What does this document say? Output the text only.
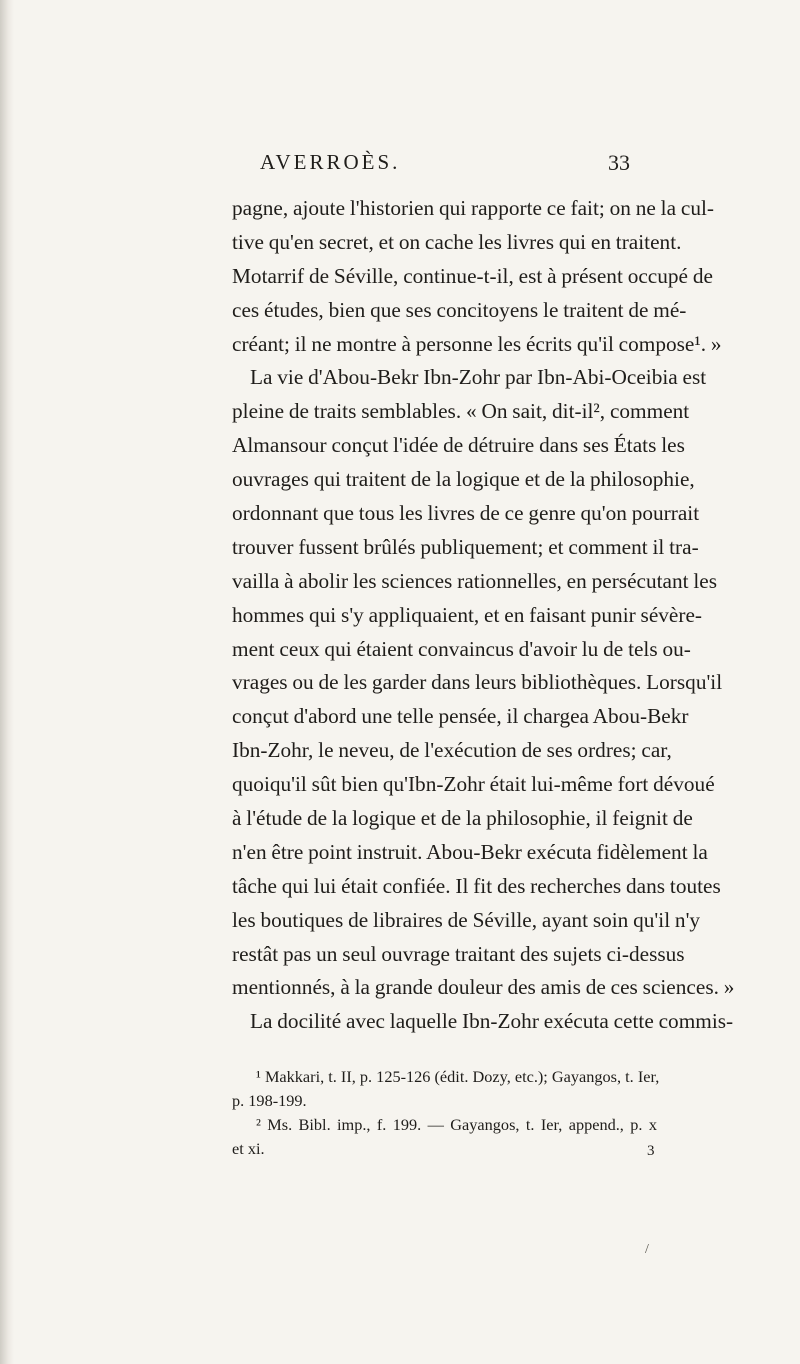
AVERROÈS.	33
pagne, ajoute l'historien qui rapporte ce fait; on ne la cul-
tive qu'en secret, et on cache les livres qui en traitent.
Motarrif de Séville, continue-t-il, est à présent occupé de
ces études, bien que ses concitoyens le traitent de mé-
créant; il ne montre à personne les écrits qu'il compose¹. »
La vie d'Abou-Bekr Ibn-Zohr par Ibn-Abi-Oceibia est
pleine de traits semblables. « On sait, dit-il², comment
Almansour conçut l'idée de détruire dans ses États les
ouvrages qui traitent de la logique et de la philosophie,
ordonnant que tous les livres de ce genre qu'on pourrait
trouver fussent brûlés publiquement; et comment il tra-
vailla à abolir les sciences rationnelles, en persécutant les
hommes qui s'y appliquaient, et en faisant punir sévère-
ment ceux qui étaient convaincus d'avoir lu de tels ou-
vrages ou de les garder dans leurs bibliothèques. Lorsqu'il
conçut d'abord une telle pensée, il chargea Abou-Bekr
Ibn-Zohr, le neveu, de l'exécution de ses ordres; car,
quoiqu'il sût bien qu'Ibn-Zohr était lui-même fort dévoué
à l'étude de la logique et de la philosophie, il feignit de
n'en être point instruit. Abou-Bekr exécuta fidèlement la
tâche qui lui était confiée. Il fit des recherches dans toutes
les boutiques de libraires de Séville, ayant soin qu'il n'y
restât pas un seul ouvrage traitant des sujets ci-dessus
mentionnés, à la grande douleur des amis de ces sciences. »
La docilité avec laquelle Ibn-Zohr exécuta cette commis-
¹ Makkari, t. II, p. 125-126 (édit. Dozy, etc.); Gayangos, t. Ier,
p. 198-199.
² Ms. Bibl. imp., f. 199. — Gayangos, t. Ier, append., p. x
et xi.	3
/
